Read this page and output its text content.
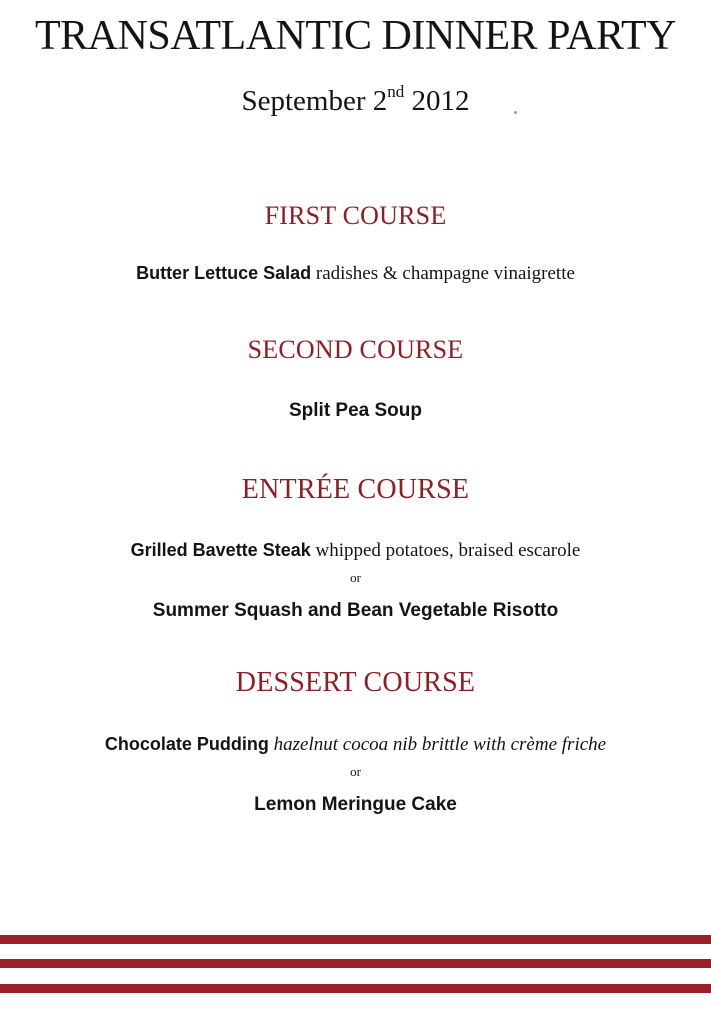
TRANSATLANTIC DINNER PARTY
September 2nd 2012
FIRST COURSE
Butter Lettuce Salad radishes & champagne vinaigrette
SECOND COURSE
Split Pea Soup
ENTRÉE COURSE
Grilled Bavette Steak whipped potatoes, braised escarole
or
Summer Squash and Bean Vegetable Risotto
DESSERT COURSE
Chocolate Pudding hazelnut cocoa nib brittle with crème friche
or
Lemon Meringue Cake
